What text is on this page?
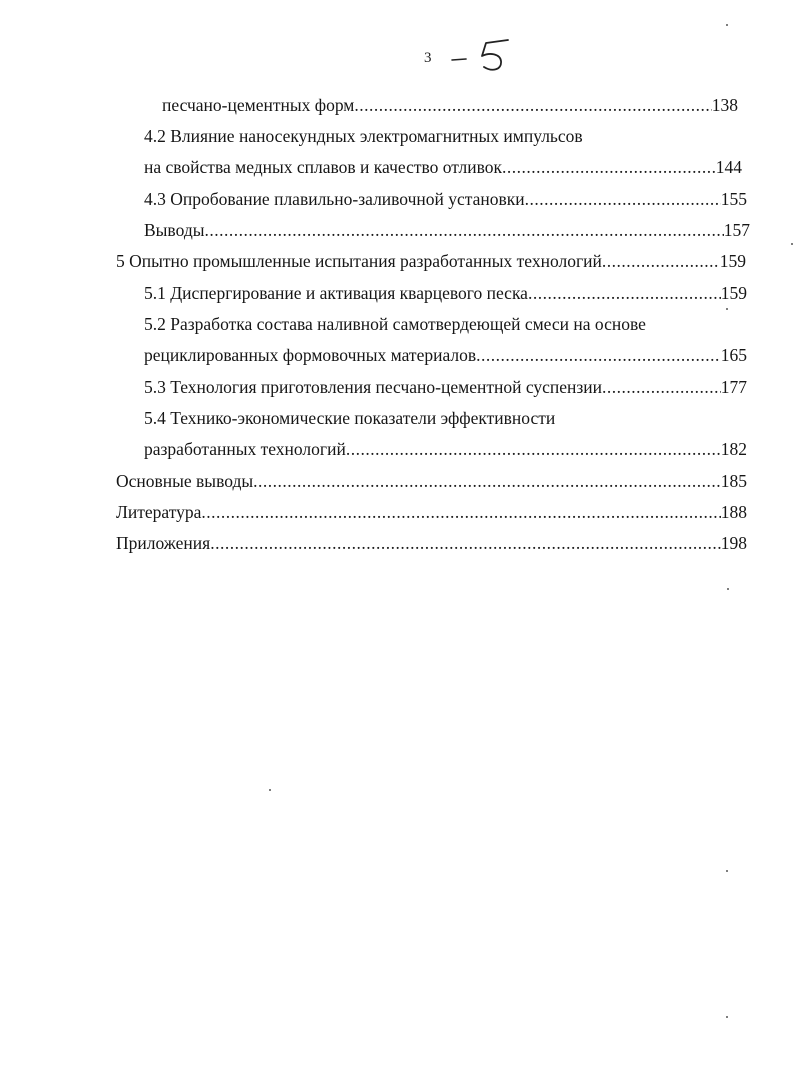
3
песчано-цементных форм .....	138
4.2 Влияние наносекундных электромагнитных импульсов
на свойства медных сплавов и качество отливок .....	144
4.3 Опробование плавильно-заливочной установки .....	155
Выводы .....	157
5 Опытно промышленные испытания разработанных технологий .....	159
5.1 Диспергирование и активация кварцевого песка .....	159
5.2 Разработка состава наливной самотвердеющей смеси на основе
рециклированных формовочных материалов .....	165
5.3 Технология приготовления песчано-цементной суспензии .....	177
5.4 Технико-экономические показатели эффективности
разработанных технологий .....	182
Основные выводы .....	185
Литература .....	188
Приложения .....	198
